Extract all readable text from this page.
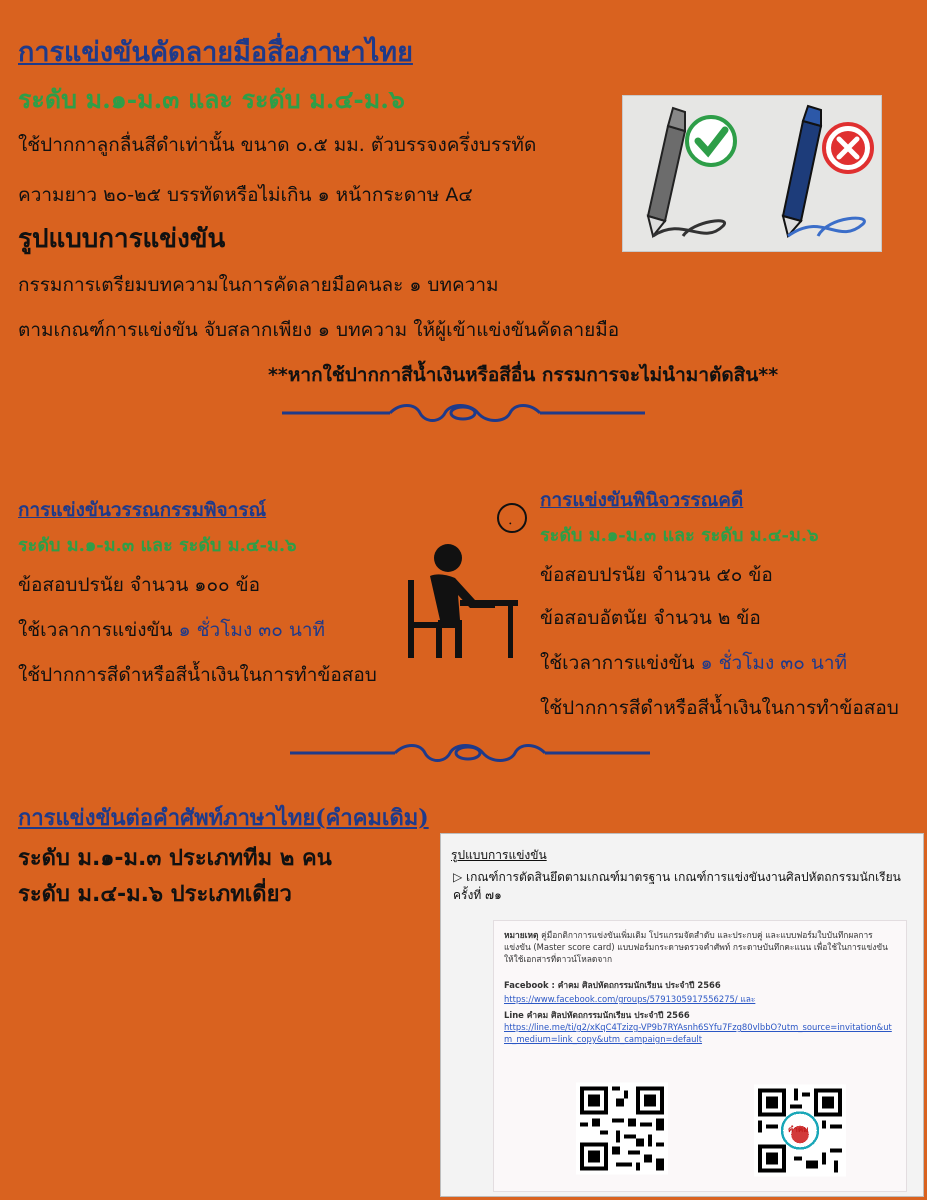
การแข่งขันคัดลายมือสื่อภาษาไทย
ระดับ ม.๑-ม.๓ และ ระดับ ม.๔-ม.๖
ใช้ปากกาลูกลื่นสีดำเท่านั้น ขนาด ๐.๕ มม. ตัวบรรจงครึ่งบรรทัด
ความยาว ๒๐-๒๕ บรรทัดหรือไม่เกิน ๑ หน้ากระดาษ A๔
รูปแบบการแข่งขัน
กรรมการเตรียมบทความในการคัดลายมือคนละ ๑ บทความ
ตามเกณฑ์การแข่งขัน จับสลากเพียง ๑ บทความ ให้ผู้เข้าแข่งขันคัดลายมือ
**หากใช้ปากกาสีน้ำเงินหรือสีอื่น กรรมการจะไม่นำมาตัดสิน**
การแข่งขันวรรณกรรมพิจารณ์
ระดับ ม.๑-ม.๓ และ ระดับ ม.๔-ม.๖
ข้อสอบปรนัย จำนวน ๑๐๐ ข้อ
ใช้เวลาการแข่งขัน ๑ ชั่วโมง ๓๐ นาที
ใช้ปากการสีดำหรือสีน้ำเงินในการทำข้อสอบ
การแข่งขันพินิจวรรณคดี
ระดับ ม.๑-ม.๓ และ ระดับ ม.๔-ม.๖
ข้อสอบปรนัย จำนวน ๕๐ ข้อ
ข้อสอบอัตนัย จำนวน ๒ ข้อ
ใช้เวลาการแข่งขัน ๑ ชั่วโมง ๓๐ นาที
ใช้ปากการสีดำหรือสีน้ำเงินในการทำข้อสอบ
การแข่งขันต่อคำศัพท์ภาษาไทย(คำคมเดิม)
ระดับ ม.๑-ม.๓ ประเภททีม ๒ คน
ระดับ ม.๔-ม.๖ ประเภทเดี่ยว
รูปแบบการแข่งขัน
▷ เกณฑ์การตัดสินยึดตามเกณฑ์มาตรฐาน เกณฑ์การแข่งขันงานศิลปหัตถกรรมนักเรียน ครั้งที่ ๗๑
หมายเหตุ คู่มือกติกาการแข่งขันเพิ่มเติม โปรแกรมจัดสำดับ และประกบคู่ และแบบฟอร์มใบบันทึกผลการแข่งขัน (Master score card) แบบฟอร์มกระดาษตรวจคำศัพท์ กระดาษบันทึกคะแนน เพื่อใช้ในการแข่งขัน ให้ใช้เอกสารที่ดาวน์โหลดจาก
Facebook : คำคม ศิลปหัตถกรรมนักเรียน ประจำปี 2566
https://www.facebook.com/groups/579130591755627​5/ และ
Line คำคม ศิลปหัตถกรรมนักเรียน ประจำปี 2566
https://line.me/ti/g2/xKqC4Tzizg-VP9b7RYAsnh6SYfu7Fzg80vlbbO?utm_source=invitation&utm_medium=link_copy&utm_campaign=default
คำคม
